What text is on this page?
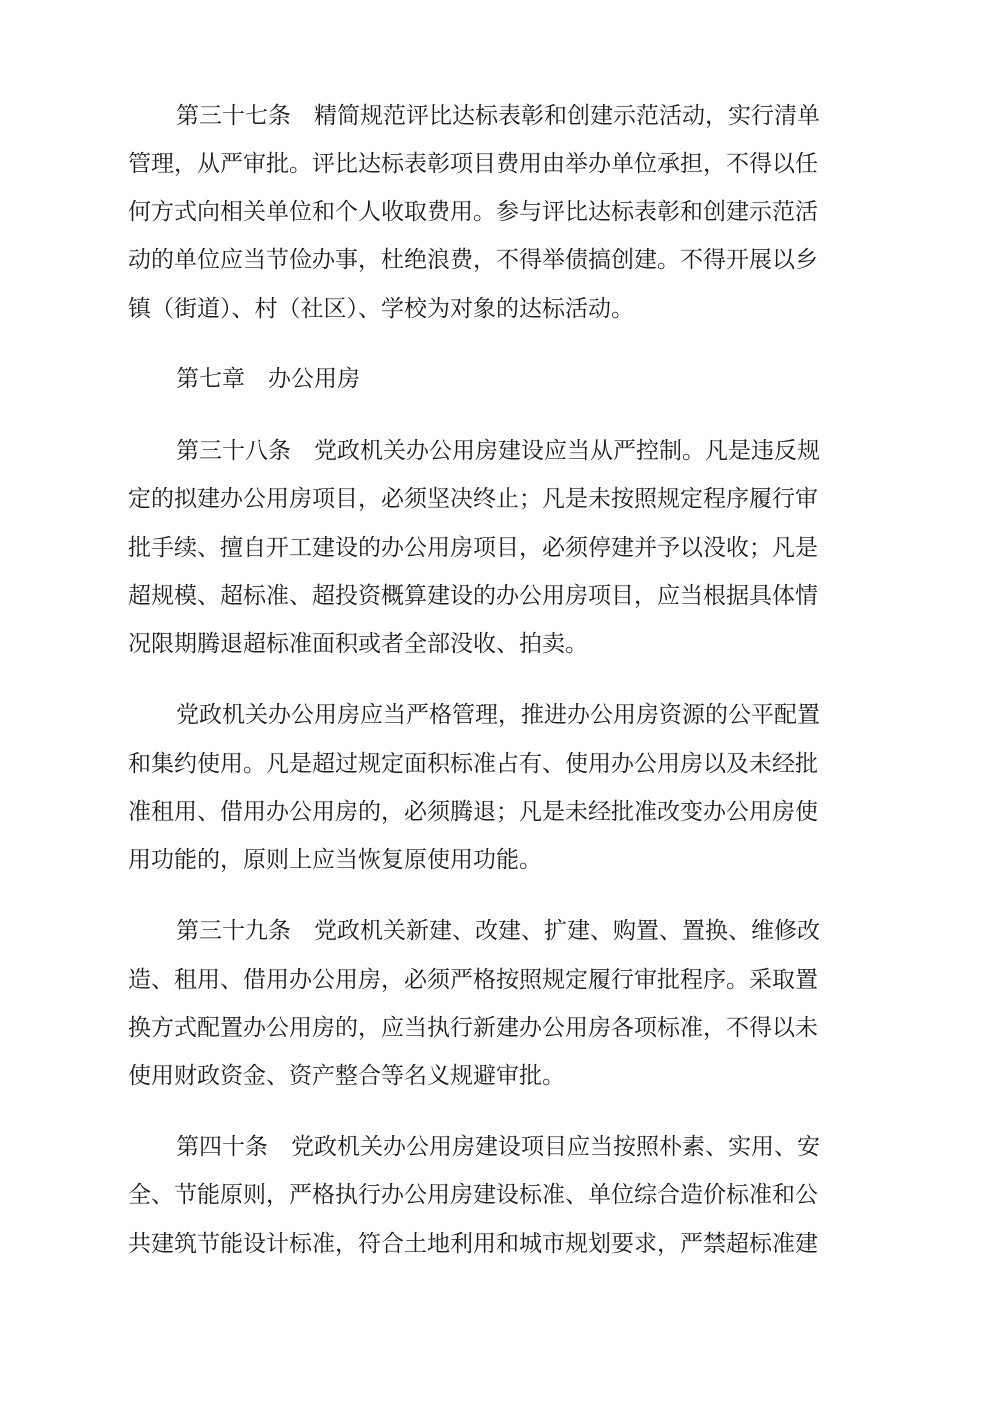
第三十七条　精简规范评比达标表彰和创建示范活动，实行清单
管理，从严审批。评比达标表彰项目费用由举办单位承担，不得以任
何方式向相关单位和个人收取费用。参与评比达标表彰和创建示范活
动的单位应当节俭办事，杜绝浪费，不得举债搞创建。不得开展以乡
镇（街道）、村（社区）、学校为对象的达标活动。
第七章　办公用房
第三十八条　党政机关办公用房建设应当从严控制。凡是违反规
定的拟建办公用房项目，必须坚决终止；凡是未按照规定程序履行审
批手续、擅自开工建设的办公用房项目，必须停建并予以没收；凡是
超规模、超标准、超投资概算建设的办公用房项目，应当根据具体情
况限期腾退超标准面积或者全部没收、拍卖。
党政机关办公用房应当严格管理，推进办公用房资源的公平配置
和集约使用。凡是超过规定面积标准占有、使用办公用房以及未经批
准租用、借用办公用房的，必须腾退；凡是未经批准改变办公用房使
用功能的，原则上应当恢复原使用功能。
第三十九条　党政机关新建、改建、扩建、购置、置换、维修改
造、租用、借用办公用房，必须严格按照规定履行审批程序。采取置
换方式配置办公用房的，应当执行新建办公用房各项标准，不得以未
使用财政资金、资产整合等名义规避审批。
第四十条　党政机关办公用房建设项目应当按照朴素、实用、安
全、节能原则，严格执行办公用房建设标准、单位综合造价标准和公
共建筑节能设计标准，符合土地利用和城市规划要求，严禁超标准建
